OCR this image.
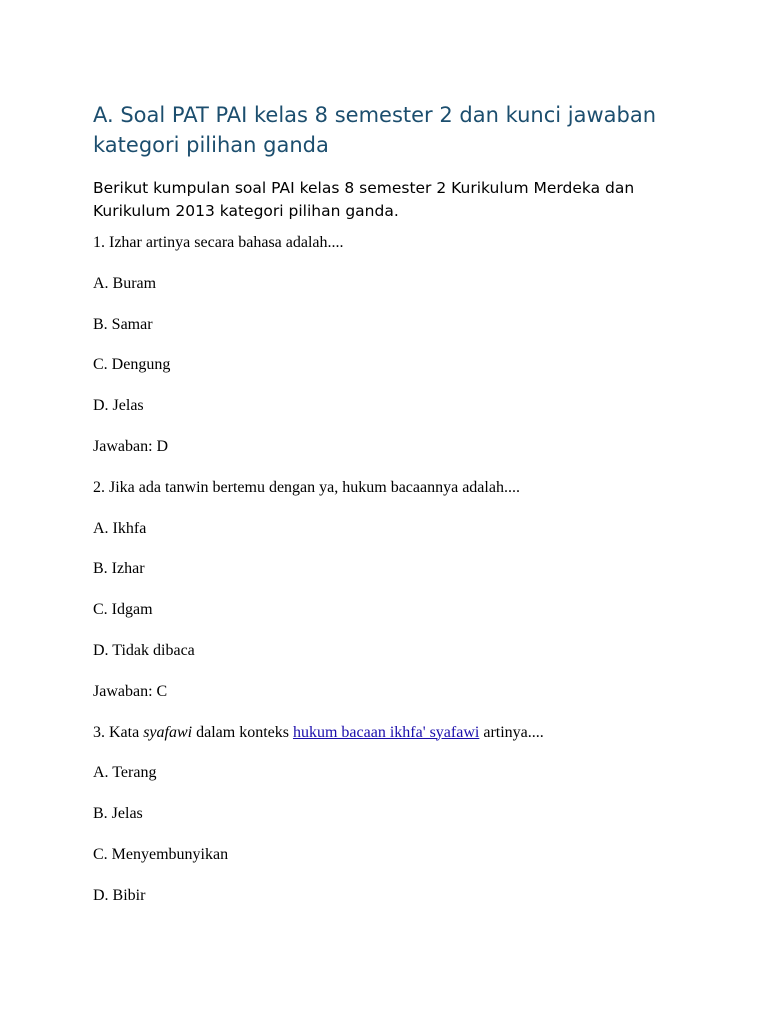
A. Soal PAT PAI kelas 8 semester 2 dan kunci jawaban kategori pilihan ganda

Berikut kumpulan soal PAI kelas 8 semester 2 Kurikulum Merdeka dan Kurikulum 2013 kategori pilihan ganda.

1. Izhar artinya secara bahasa adalah....

A. Buram

B. Samar

C. Dengung

D. Jelas

Jawaban: D

2. Jika ada tanwin bertemu dengan ya, hukum bacaannya adalah....

A. Ikhfa

B. Izhar

C. Idgam

D. Tidak dibaca

Jawaban: C

3. Kata syafawi dalam konteks hukum bacaan ikhfa' syafawi artinya....

A. Terang

B. Jelas

C. Menyembunyikan

D. Bibir
